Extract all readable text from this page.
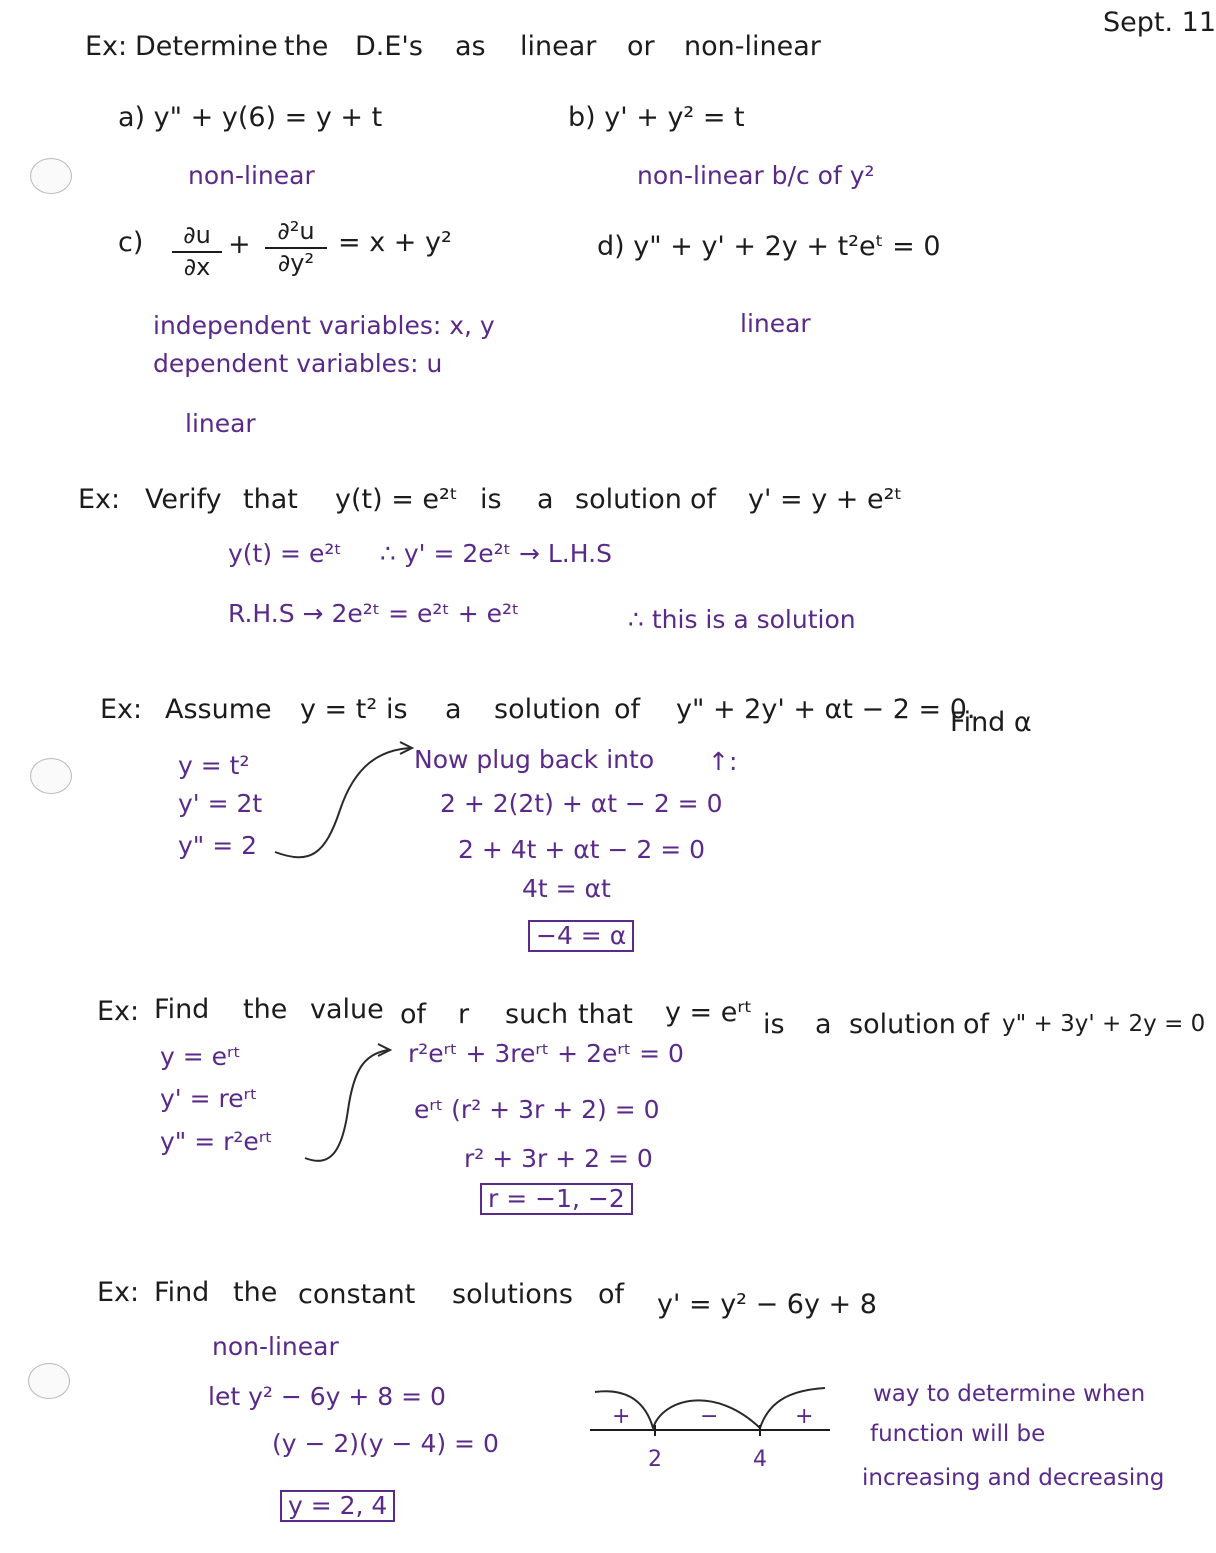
Sept. 11
Ex: Determine the D.E's as linear or non-linear
a) y" + y(6) = y + t
non-linear
b) y' + y² = t
non-linear b/c of y²
c)	∂u
∂x
+	∂²u
∂y²
= x + y²
independent variables: x, y
dependent variables: u
linear
d) y" + y' + 2y + t²eᵗ = 0
linear
Ex: Verify that y(t) = e²ᵗ is a solution of y' = y + e²ᵗ
y(t) = e²ᵗ ∴ y' = 2e²ᵗ → L.H.S
R.H.S → 2e²ᵗ = e²ᵗ + e²ᵗ	∴ this is a solution
Ex: Assume y = t² is a solution of y" + 2y' + αt − 2 = 0.
Find α
y = t²
y' = 2t
y" = 2
Now plug back into ↑:
2 + 2(2t) + αt − 2 = 0
2 + 4t + αt − 2 = 0
4t = αt
−4 = α
Ex: Find the value of r such that y = eʳᵗ is a solution of y" + 3y' + 2y = 0
y = eʳᵗ
y' = reʳᵗ
y" = r²eʳᵗ
r²eʳᵗ + 3reʳᵗ + 2eʳᵗ = 0
eʳᵗ (r² + 3r + 2) = 0
r² + 3r + 2 = 0
r = −1, −2
Ex: Find the constant solutions of y' = y² − 6y + 8
non-linear
let y² − 6y + 8 = 0
(y − 2)(y − 4) = 0
y = 2, 4
+	−	+
2	4
way to determine when
function will be
increasing and decreasing
